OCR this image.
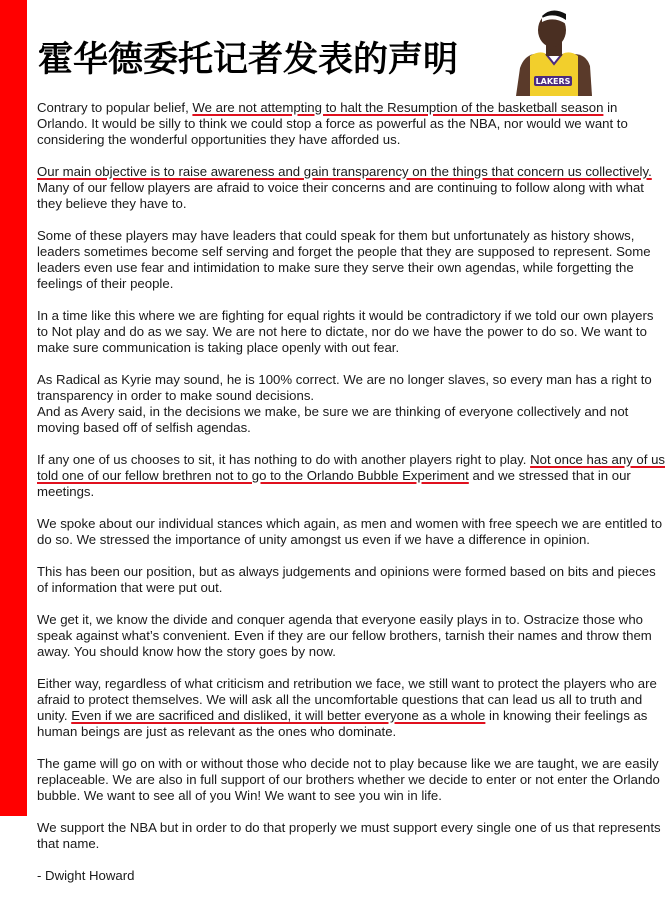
霍华德委托记者发表的声明
LAKERS
Contrary to popular belief, We are not attempting to halt the Resumption of the basketball season in
Orlando. It would be silly to think we could stop a force as powerful as the NBA, nor would we want to
considering the wonderful opportunities they have afforded us.
Our main objective is to raise awareness and gain transparency on the things that concern us collectively.
Many of our fellow players are afraid to voice their concerns and are continuing to follow along with what
they believe they have to.
Some of these players may have leaders that could speak for them but unfortunately as history shows,
leaders sometimes become self serving and forget the people that they are supposed to represent. Some
leaders even use fear and intimidation to make sure they serve their own agendas, while forgetting the
feelings of their people.
In a time like this where we are fighting for equal rights it would be contradictory if we told our own players
to Not play and do as we say. We are not here to dictate, nor do we have the power to do so. We want to
make sure communication is taking place openly with out fear.
As Radical as Kyrie may sound, he is 100% correct. We are no longer slaves, so every man has a right to
transparency in order to make sound decisions.
And as Avery said, in the decisions we make, be sure we are thinking of everyone collectively and not
moving based off of selfish agendas.
If any one of us chooses to sit, it has nothing to do with another players right to play. Not once has any of us
told one of our fellow brethren not to go to the Orlando Bubble Experiment and we stressed that in our
meetings.
We spoke about our individual stances which again, as men and women with free speech we are entitled to
do so. We stressed the importance of unity amongst us even if we have a difference in opinion.
This has been our position, but as always judgements and opinions were formed based on bits and pieces
of information that were put out.
We get it, we know the divide and conquer agenda that everyone easily plays in to. Ostracize those who
speak against what’s convenient. Even if they are our fellow brothers, tarnish their names and throw them
away. You should know how the story goes by now.
Either way, regardless of what criticism and retribution we face, we still want to protect the players who are
afraid to protect themselves. We will ask all the uncomfortable questions that can lead us all to truth and
unity. Even if we are sacrificed and disliked, it will better everyone as a whole in knowing their feelings as
human beings are just as relevant as the ones who dominate.
The game will go on with or without those who decide not to play because like we are taught, we are easily
replaceable. We are also in full support of our brothers whether we decide to enter or not enter the Orlando
bubble. We want to see all of you Win! We want to see you win in life.
We support the NBA but in order to do that properly we must support every single one of us that represents
that name.
- Dwight Howard
